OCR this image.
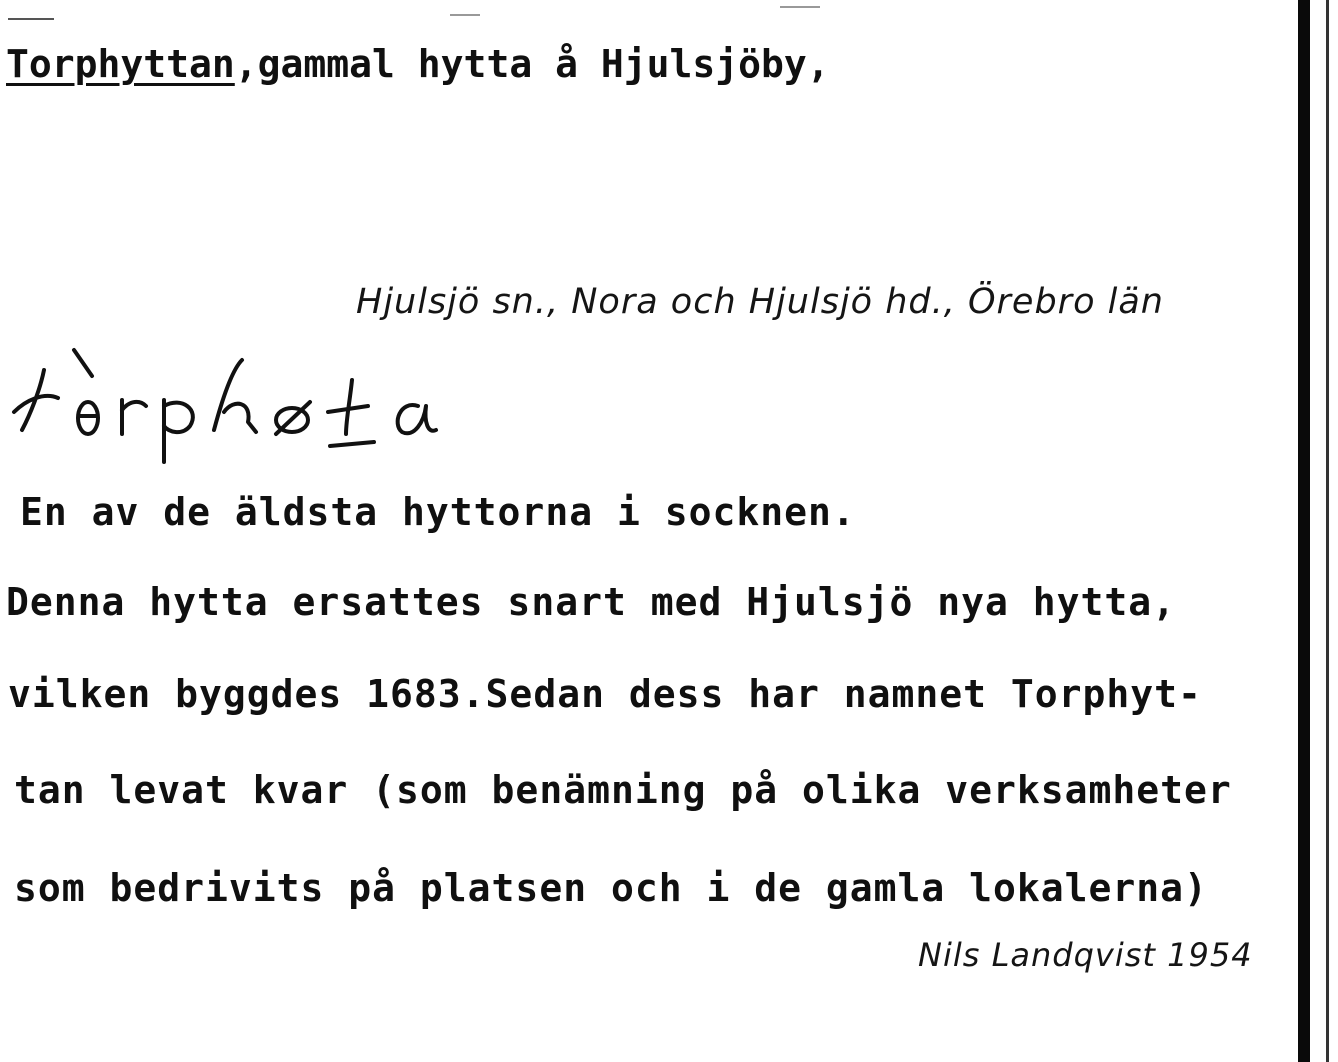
Torphyttan,gammal hytta å Hjulsjöby,
Hjulsjö sn., Nora och Hjulsjö hd., Örebro län
En av de äldsta hyttorna i socknen.
Denna hytta ersattes snart med Hjulsjö nya hytta,
vilken byggdes 1683.Sedan dess har namnet Torphyt-
tan levat kvar (som benämning på olika verksamheter
som bedrivits på platsen och i de gamla lokalerna)
Nils Landqvist 1954
